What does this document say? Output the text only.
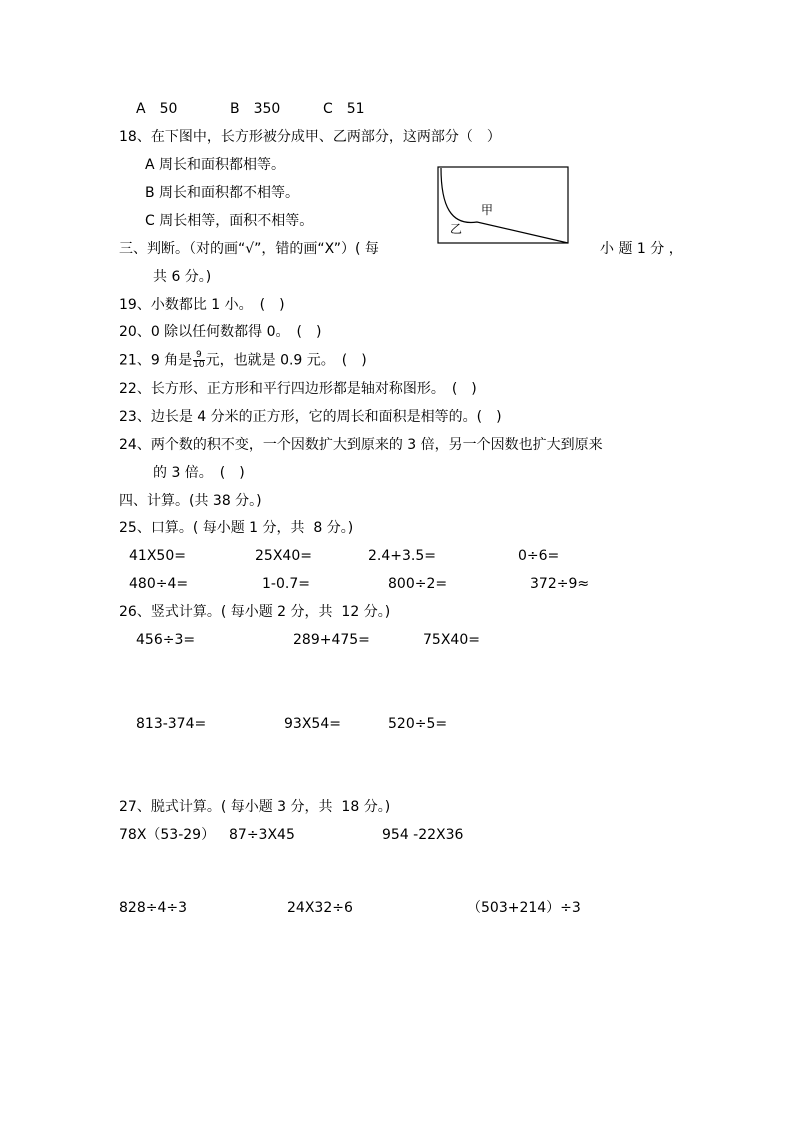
A　50	B　350	C　51
18、在下图中，长方形被分成甲、乙两部分，这两部分（　）
A 周长和面积都相等。
B 周长和面积都不相等。
C 周长相等，面积不相等。
甲
乙
三、判断。（对的画“√”，错的画“X”）( 每	小 题 1 分 ，
共 6 分。)
19、小数都比 1 小。　(　)
20、0 除以任何数都得 0。　(　)
21、9 角是 $\frac{9}{10}$ 元，也就是 0.9 元。　(　)
22、长方形、正方形和平行四边形都是轴对称图形。　(　)
23、边长是 4 分米的正方形，它的周长和面积是相等的。(　)
24、两个数的积不变，一个因数扩大到原来的 3 倍，另一个因数也扩大到原来
的 3 倍。　(　)
四、计算。(共 38 分。)
25、口算。( 每小题 1 分，共  8 分。)
41X50=	25X40=	2.4+3.5=	0÷6=
480÷4=	1-0.7=	800÷2=	372÷9≈
26、竖式计算。( 每小题 2 分，共  12 分。)
456÷3=	289+475=	75X40=
813-374=	93X54=	520÷5=
27、脱式计算。( 每小题 3 分，共  18 分。)
78X（53-29） 87÷3X45	954 -22X36
828÷4÷3	24X32÷6	（503+214）÷3
